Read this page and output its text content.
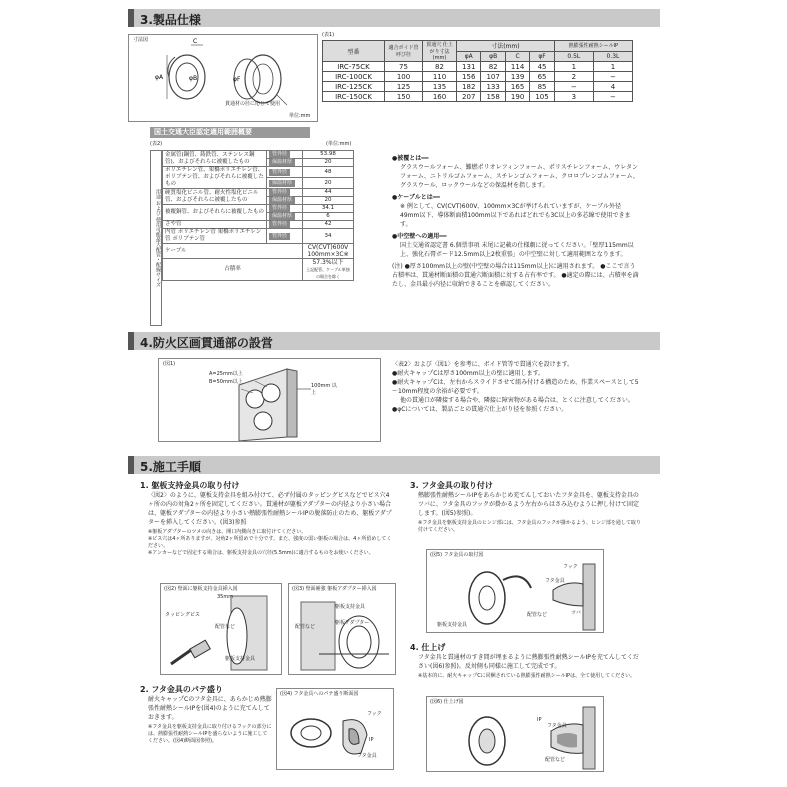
3.製品仕様
寸法図
φA	φB
C
φF
貫通材の径に応じて使用
単位:mm
(表1)
型番	適合ボイド管 呼び径	貫通穴 仕上がり寸法 (mm)	寸法(mm)				熱膨張性耐熱シールIP	
			φA	φB	C	φF	0.5L	0.3L
IRC-75CK	75	82	131	82	114	45	1	1
IRC-100CK	100	110	156	107	139	65	2	−
IRC-125CK	125	135	182	133	165	85	−	4
IRC-150CK	150	160	207	158	190	105	3	−
国土交通大臣認定適用範囲概要
(表2)	(単位:mm)
用途 および 使用可能最大配管・配線サイズ
金属管(鋼管、鋳鉄管、ステンレス鋼管)、およびそれらに被覆したもの	管外径	53.98
	保温材厚	20
ポリエチレン管、架橋ポリエチレン管、ポリブテン管、およびそれらに被覆したもの	管外径	48
	保温材厚	20
硬質塩化ビニル管、耐火性塩化ビニル管、およびそれらに被覆したもの	管外径	44
	保温材厚	20
被覆銅管、およびそれらに被覆したもの	管外径	34.1
	保温材厚	6
さや管	管外径	42
内管 ポリエチレン管 架橋ポリエチレン管 ポリブテン管	管外径	34
ケーブル		CV(CVT)600V
100mm×3C※

占積率		57.3%以下
上記配管、ケーブル単独の場合を除く
●被覆とは━━
グラスウールフォーム、難燃ポリオレフィンフォーム、ポリスチレンフォーム、ウレタンフォーム、ニトリルゴムフォーム、スチレンゴムフォーム、クロロプレンゴムフォーム、グラスウール、ロックウールなどの保温材を指します。
●ケーブルとは━━
※ 例として、CV(CVT)600V、100mm×3Cが挙げられていますが、ケーブル外径49mm以下、導体断面積100mm以下であればどれでも3C以上の多芯線で使用できます。
●中空壁への適用━━
国土交通省認定書 6.個票事項 末尾に記載の仕様劇に従ってください。「壁厚115mm以上、強化石膏ボード12.5mm以上2枚重張」の中空壁に対して適用範囲となります。
(注) ●厚さ100mm以上の壁(中空壁の場合は115mm以上)に適用されます。 ●ここで言う占積率は、貫通材断面積の貫通穴断面積に対する占有率です。 ●適定の際には、占積率を満たし、金具最小内径に収納できることを確認してください。
4.防火区画貫通部の設営
(図1)
A=25mm以上
B=50mm以上
100mm 以上
〈表2〉および〈図1〉を参考に、ボイド管等で貫通穴を設けます。
●耐火キャップCは厚さ100mm以上の壁に適用します。
●耐火キャップCは、左右からスライドさせて組み付ける構造のため、作業スペースとして5～10mm程度の余裕が必要です。
他の貫通口が隣接する場合や、隣接に障害物がある場合は、とくに注意してください。
●φCについては、製品ごとの貫通穴仕上がり径を参照ください。
5.施工手順
1. 躯板支持金具の取り付け
〈図2〉のように、躯板支持金具を組み付けて、必ず付属のタッピングビスなどでビス穴4ヶ所の内の対角2ヶ所を固定してください。貫通材が躯板アダプターの内径より小さい場合は、躯板アダプターの内径より小さい熱膨張性耐熱シールIPの脱落防止のため、躯板アダプターを挿入してください。(図3)参照
※躯板アダプターのツメの向きは、開口内側向きに取付けてください。
※ビス穴は4ヶ所ありますが、対角2ヶ所留めで十分です。また、強度の弱い躯板の場合は、4ヶ所留めしてください。
※アンカーなどで固定する場合は、躯板支持金具の穴径(5.5mm)に適合するものをお使いください。
(図2) 壁面に躯板支持金具挿入図
35mm
タッピングビス
配管など
躯板支持金具
(図3) 壁面補強 躯板アダプター挿入図
躯板支持金具
躯板アダプター
配管など
2. フタ金具のパテ盛り
耐火キャップCのフタ金具に、あらかじめ熱膨張性耐熱シールIPを(図4)のように充てんしておきます。
※フタ金具を躯板支持金具に取り付けるフックの部分には、熱膨張性耐熱シールIPを盛らないように施工してください。(図4)断面図参照)。
(図4) フタ金具へのパテ盛り断面図
フック
IP
フタ金具
3. フタ金具の取り付け
熱膨張性耐熱シールIPをあらかじめ充てんしておいたフタ金具を、躯板支持金具のツバに、フタ金具のフックが掛かるよう左右からはさみ込むように押し付けて固定します。(図5)参照)。
※フタ金具を躯板支持金具のヒンジ部には、フタ金具のフックが掛かるよう、ヒンジ部を通して取り付けてください。
(図5) フタ金具の取付図
フック
フタ金具
配管など	ツバ
躯板支持金具
4. 仕上げ
フタ金具と貫通材のすき間が埋まるように熱膨張性耐熱シールIPを充てんしてください(図6)参照)。反対側も同様に施工して完成です。
※基本的に、耐火キャップCに同梱されている熱膨張性耐熱シールIPは、全て使用してください。
(図6) 仕上げ図
IP
フタ金具
配管など
